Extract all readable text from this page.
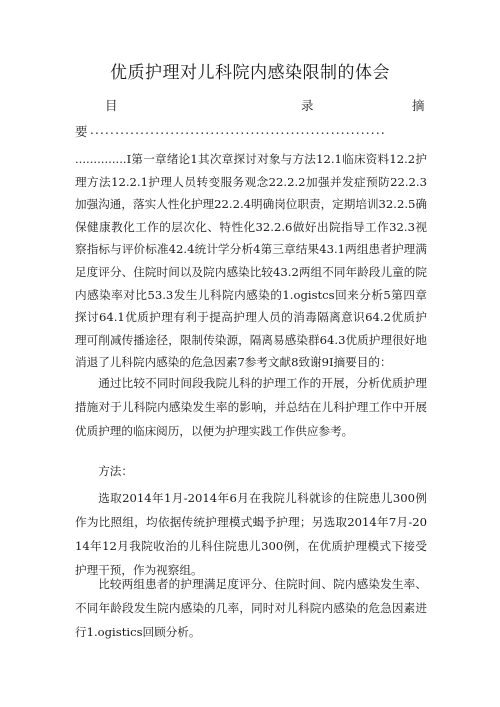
优质护理对儿科院内感染限制的体会
目	录	摘
要 ...........................................................
..............I第一章绪论1其次章探讨对象与方法12.1临床资料12.2护理方法12.2.1护理人员转变服务观念22.2.2加强并发症预防22.2.3加强沟通，落实人性化护理22.2.4明确岗位职责，定期培训32.2.5确保健康教化工作的层次化、特性化32.2.6做好出院指导工作32.3视察指标与评价标准42.4统计学分析4第三章结果43.1两组患者护理满足度评分、住院时间以及院内感染比较43.2两组不同年龄段儿童的院内感染率对比53.3发生儿科院内感染的1.ogistcs回来分析5第四章探讨64.1优质护理有利于提高护理人员的消毒隔离意识64.2优质护理可削减传播途径，限制传染源，隔离易感染群64.3优质护理很好地消退了儿科院内感染的危急因素7参考文献8致谢9I摘要目的：
通过比较不同时间段我院儿科的护理工作的开展，分析优质护理措施对于儿科院内感染发生率的影响，并总结在儿科护理工作中开展优质护理的临床阅历，以便为护理实践工作供应参考。
方法：
选取2014年1月-2014年6月在我院儿科就诊的住院患儿300例作为比照组，均依据传统护理模式蝎予护理；另选取2014年7月-2014年12月我院收治的儿科住院患儿300例，在优质护理模式下接受护理干预，作为视察组。
比较两组患者的护理满足度评分、住院时间、院内感染发生率、不同年龄段发生院内感染的几率，同时对儿科院内感染的危急因素进行1.ogistics回顾分析。
